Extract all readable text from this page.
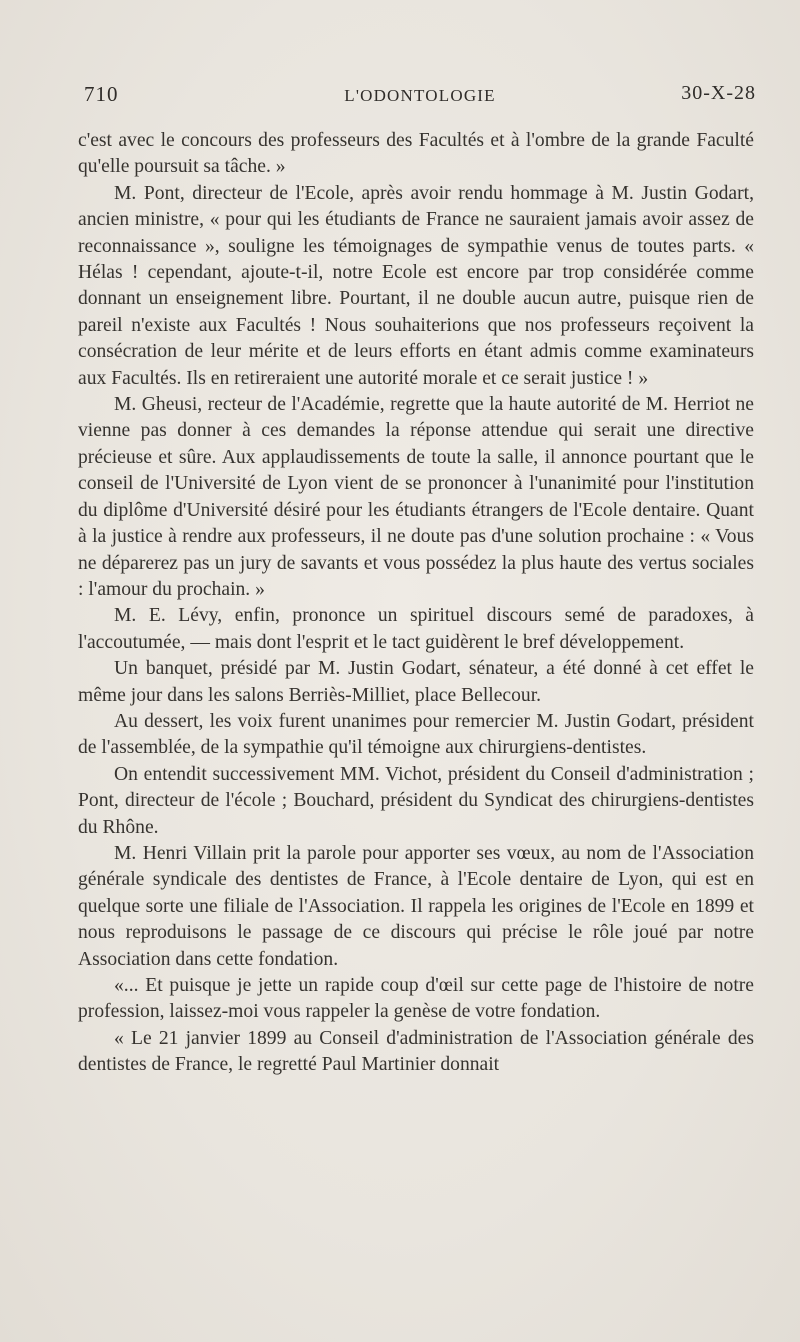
710	L'ODONTOLOGIE	30-X-28

c'est avec le concours des professeurs des Facultés et à l'ombre de la grande Faculté qu'elle poursuit sa tâche. »

M. Pont, directeur de l'Ecole, après avoir rendu hommage à M. Justin Godart, ancien ministre, « pour qui les étudiants de France ne sauraient jamais avoir assez de reconnaissance », souligne les témoignages de sympathie venus de toutes parts. « Hélas ! cependant, ajoute-t-il, notre Ecole est encore par trop considérée comme donnant un enseignement libre. Pourtant, il ne double aucun autre, puisque rien de pareil n'existe aux Facultés ! Nous souhaiterions que nos professeurs reçoivent la consécration de leur mérite et de leurs efforts en étant admis comme examinateurs aux Facultés. Ils en retireraient une autorité morale et ce serait justice ! »

M. Gheusi, recteur de l'Académie, regrette que la haute autorité de M. Herriot ne vienne pas donner à ces demandes la réponse attendue qui serait une directive précieuse et sûre. Aux applaudissements de toute la salle, il annonce pourtant que le conseil de l'Université de Lyon vient de se prononcer à l'unanimité pour l'institution du diplôme d'Université désiré pour les étudiants étrangers de l'Ecole dentaire. Quant à la justice à rendre aux professeurs, il ne doute pas d'une solution prochaine : « Vous ne déparerez pas un jury de savants et vous possédez la plus haute des vertus sociales : l'amour du prochain. »

M. E. Lévy, enfin, prononce un spirituel discours semé de paradoxes, à l'accoutumée, — mais dont l'esprit et le tact guidèrent le bref développement.

Un banquet, présidé par M. Justin Godart, sénateur, a été donné à cet effet le même jour dans les salons Berriès-Milliet, place Bellecour.

Au dessert, les voix furent unanimes pour remercier M. Justin Godart, président de l'assemblée, de la sympathie qu'il témoigne aux chirurgiens-dentistes.

On entendit successivement MM. Vichot, président du Conseil d'administration ; Pont, directeur de l'école ; Bouchard, président du Syndicat des chirurgiens-dentistes du Rhône.

M. Henri Villain prit la parole pour apporter ses vœux, au nom de l'Association générale syndicale des dentistes de France, à l'Ecole dentaire de Lyon, qui est en quelque sorte une filiale de l'Association. Il rappela les origines de l'Ecole en 1899 et nous reproduisons le passage de ce discours qui précise le rôle joué par notre Association dans cette fondation.

«... Et puisque je jette un rapide coup d'œil sur cette page de l'histoire de notre profession, laissez-moi vous rappeler la genèse de votre fondation.

« Le 21 janvier 1899 au Conseil d'administration de l'Association générale des dentistes de France, le regretté Paul Martinier donnait
